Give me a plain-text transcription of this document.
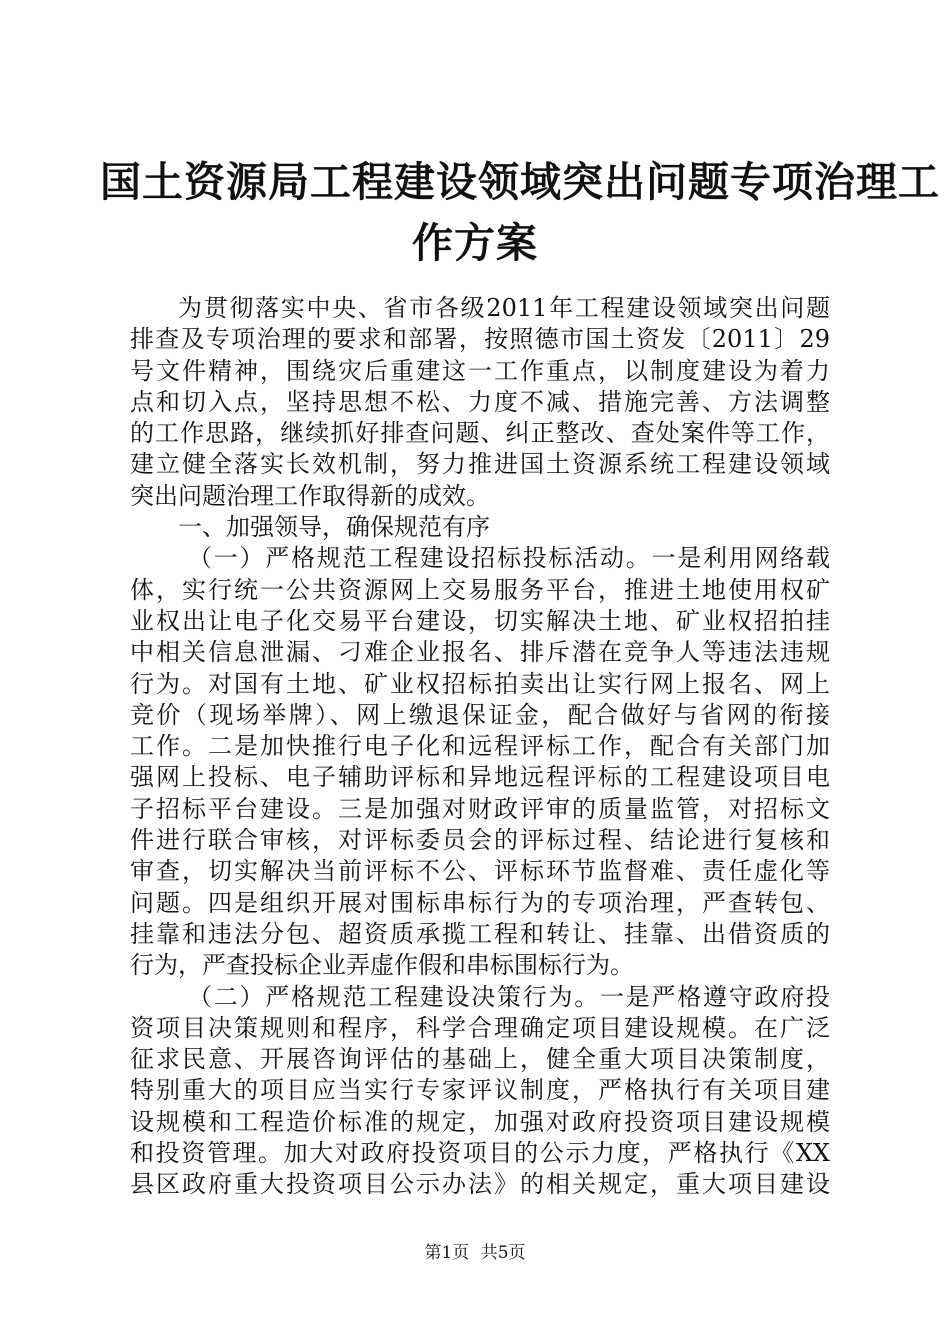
国土资源局工程建设领域突出问题专项治理工
作方案
为贯彻落实中央、省市各级2011年工程建设领域突出问题
排查及专项治理的要求和部署，按照德市国土资发〔2011〕29
号文件精神，围绕灾后重建这一工作重点，以制度建设为着力
点和切入点，坚持思想不松、力度不减、措施完善、方法调整
的工作思路，继续抓好排查问题、纠正整改、查处案件等工作，
建立健全落实长效机制，努力推进国土资源系统工程建设领域
突出问题治理工作取得新的成效。
一、加强领导，确保规范有序
（一）严格规范工程建设招标投标活动。一是利用网络载
体，实行统一公共资源网上交易服务平台，推进土地使用权矿
业权出让电子化交易平台建设，切实解决土地、矿业权招拍挂
中相关信息泄漏、刁难企业报名、排斥潜在竞争人等违法违规
行为。对国有土地、矿业权招标拍卖出让实行网上报名、网上
竞价（现场举牌）、网上缴退保证金，配合做好与省网的衔接
工作。二是加快推行电子化和远程评标工作，配合有关部门加
强网上投标、电子辅助评标和异地远程评标的工程建设项目电
子招标平台建设。三是加强对财政评审的质量监管，对招标文
件进行联合审核，对评标委员会的评标过程、结论进行复核和
审查，切实解决当前评标不公、评标环节监督难、责任虚化等
问题。四是组织开展对围标串标行为的专项治理，严查转包、
挂靠和违法分包、超资质承揽工程和转让、挂靠、出借资质的
行为，严查投标企业弄虚作假和串标围标行为。
（二）严格规范工程建设决策行为。一是严格遵守政府投
资项目决策规则和程序，科学合理确定项目建设规模。在广泛
征求民意、开展咨询评估的基础上，健全重大项目决策制度，
特别重大的项目应当实行专家评议制度，严格执行有关项目建
设规模和工程造价标准的规定，加强对政府投资项目建设规模
和投资管理。加大对政府投资项目的公示力度，严格执行《XX
县区政府重大投资项目公示办法》的相关规定，重大项目建设
第1页 共5页
